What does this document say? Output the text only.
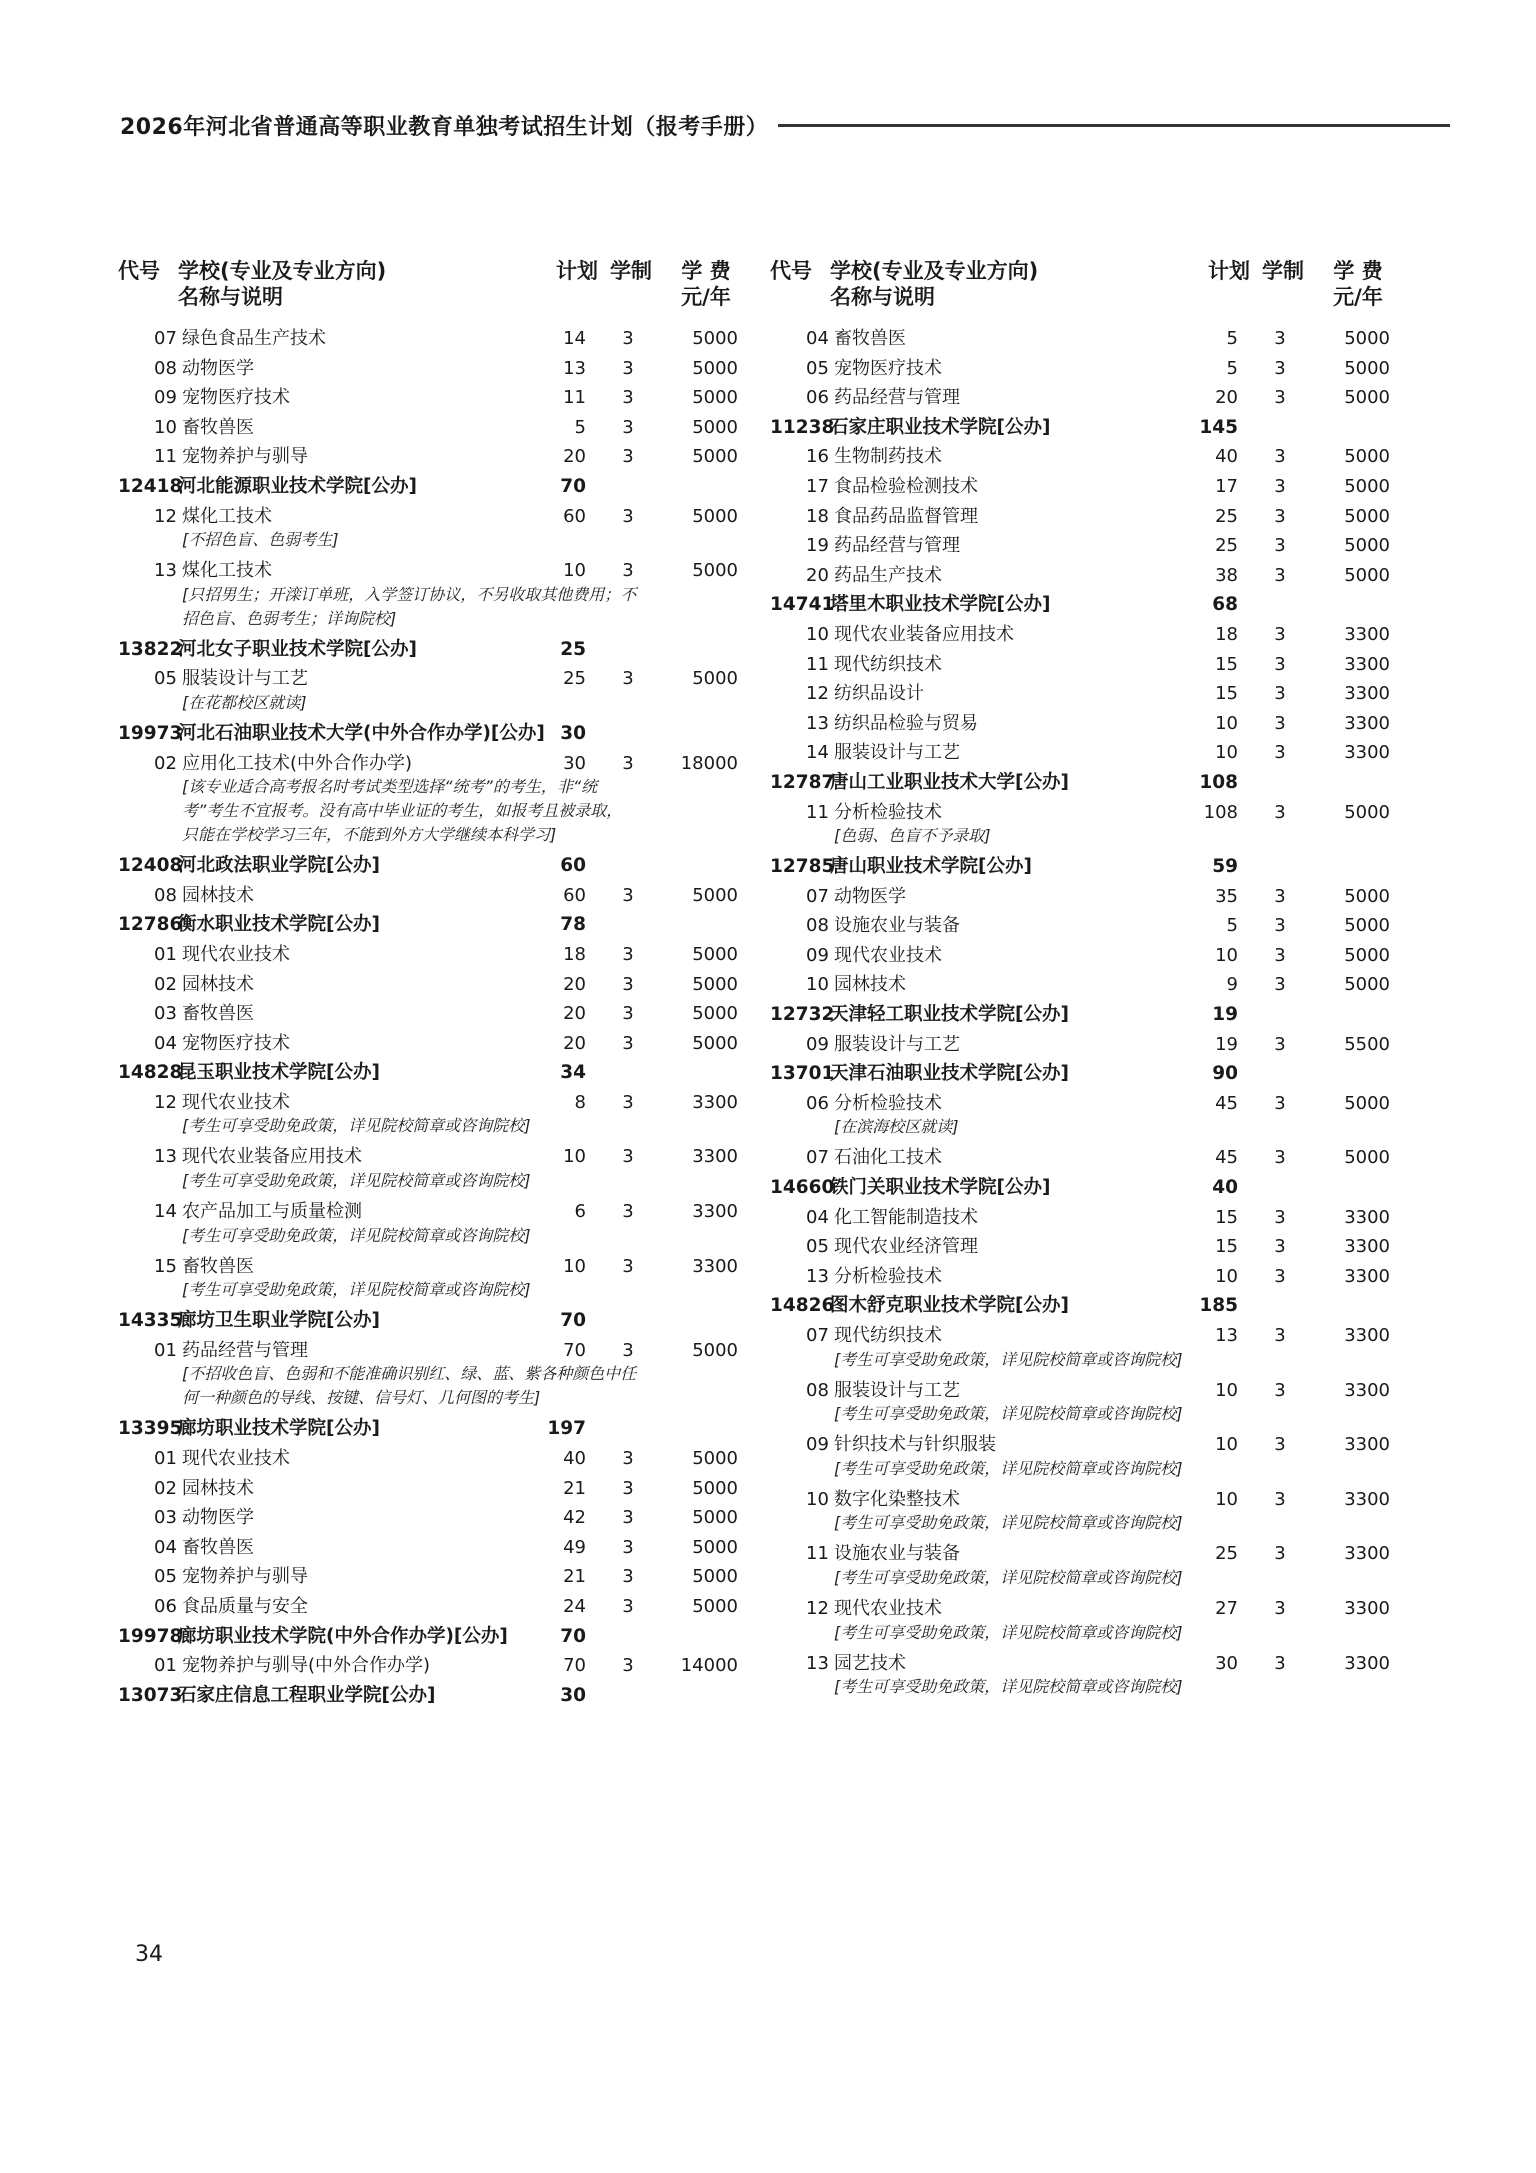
2026年河北省普通高等职业教育单独考试招生计划（报考手册）
代号 学校(专业及专业方向)
名称与说明
计划 学制 学 费
元/年
07 绿色食品生产技术	14 3	5000
08 动物医学	13 3	5000
09 宠物医疗技术	11 3	5000
10 畜牧兽医	5 3	5000
11 宠物养护与驯导	20 3	5000
12418
河北能源职业技术学院[公办]	70
12 煤化工技术	60 3	5000
[不招色盲、色弱考生]
13 煤化工技术	10 3	5000
[只招男生；开滦订单班，入学签订协议，不另收取其他费用；不招色盲、色弱考生；详询院校]
13822
河北女子职业技术学院[公办]	25
05 服装设计与工艺	25 3	5000
[在花都校区就读]
19973
河北石油职业技术大学(中外合作办学)[公办] 30
02 应用化工技术(中外合作办学)	30 3	18000
[该专业适合高考报名时考试类型选择“统考”的考生，非“统考”考生不宜报考。没有高中毕业证的考生，如报考且被录取，只能在学校学习三年，不能到外方大学继续本科学习]
12408
河北政法职业学院[公办]	60
08 园林技术	60 3	5000
12786
衡水职业技术学院[公办]	78
01 现代农业技术	18 3	5000
02 园林技术	20 3	5000
03 畜牧兽医	20 3	5000
04 宠物医疗技术	20 3	5000
14828
昆玉职业技术学院[公办]	34
12 现代农业技术	8 3	3300
[考生可享受助免政策，详见院校简章或咨询院校]
13 现代农业装备应用技术	10 3	3300
[考生可享受助免政策，详见院校简章或咨询院校]
14 农产品加工与质量检测	6 3	3300
[考生可享受助免政策，详见院校简章或咨询院校]
15 畜牧兽医	10 3	3300
[考生可享受助免政策，详见院校简章或咨询院校]
14335
廊坊卫生职业学院[公办]	70
01 药品经营与管理	70 3	5000
[不招收色盲、色弱和不能准确识别红、绿、蓝、紫各种颜色中任何一种颜色的导线、按键、信号灯、几何图的考生]
13395
廊坊职业技术学院[公办]	197
01 现代农业技术	40 3	5000
02 园林技术	21 3	5000
03 动物医学	42 3	5000
04 畜牧兽医	49 3	5000
05 宠物养护与驯导	21 3	5000
06 食品质量与安全	24 3	5000
19978
廊坊职业技术学院(中外合作办学)[公办]	70
01 宠物养护与驯导(中外合作办学)	70 3	14000
13073
石家庄信息工程职业学院[公办]	30
代号 学校(专业及专业方向)
名称与说明
计划 学制 学 费
元/年
04 畜牧兽医	5 3	5000
05 宠物医疗技术	5 3	5000
06 药品经营与管理	20 3	5000
11238
石家庄职业技术学院[公办]	145
16 生物制药技术	40 3	5000
17 食品检验检测技术	17 3	5000
18 食品药品监督管理	25 3	5000
19 药品经营与管理	25 3	5000
20 药品生产技术	38 3	5000
14741
塔里木职业技术学院[公办]	68
10 现代农业装备应用技术	18 3	3300
11 现代纺织技术	15 3	3300
12 纺织品设计	15 3	3300
13 纺织品检验与贸易	10 3	3300
14 服装设计与工艺	10 3	3300
12787
唐山工业职业技术大学[公办]	108
11 分析检验技术	108 3	5000
[色弱、色盲不予录取]
12785
唐山职业技术学院[公办]	59
07 动物医学	35 3	5000
08 设施农业与装备	5 3	5000
09 现代农业技术	10 3	5000
10 园林技术	9 3	5000
12732
天津轻工职业技术学院[公办]	19
09 服装设计与工艺	19 3	5500
13701
天津石油职业技术学院[公办]	90
06 分析检验技术	45 3	5000
[在滨海校区就读]
07 石油化工技术	45 3	5000
14660
铁门关职业技术学院[公办]	40
04 化工智能制造技术	15 3	3300
05 现代农业经济管理	15 3	3300
13 分析检验技术	10 3	3300
14826
图木舒克职业技术学院[公办]	185
07 现代纺织技术	13 3	3300
[考生可享受助免政策，详见院校简章或咨询院校]
08 服装设计与工艺	10 3	3300
[考生可享受助免政策，详见院校简章或咨询院校]
09 针织技术与针织服装	10 3	3300
[考生可享受助免政策，详见院校简章或咨询院校]
10 数字化染整技术	10 3	3300
[考生可享受助免政策，详见院校简章或咨询院校]
11 设施农业与装备	25 3	3300
[考生可享受助免政策，详见院校简章或咨询院校]
12 现代农业技术	27 3	3300
[考生可享受助免政策，详见院校简章或咨询院校]
13 园艺技术	30 3	3300
[考生可享受助免政策，详见院校简章或咨询院校]
34
